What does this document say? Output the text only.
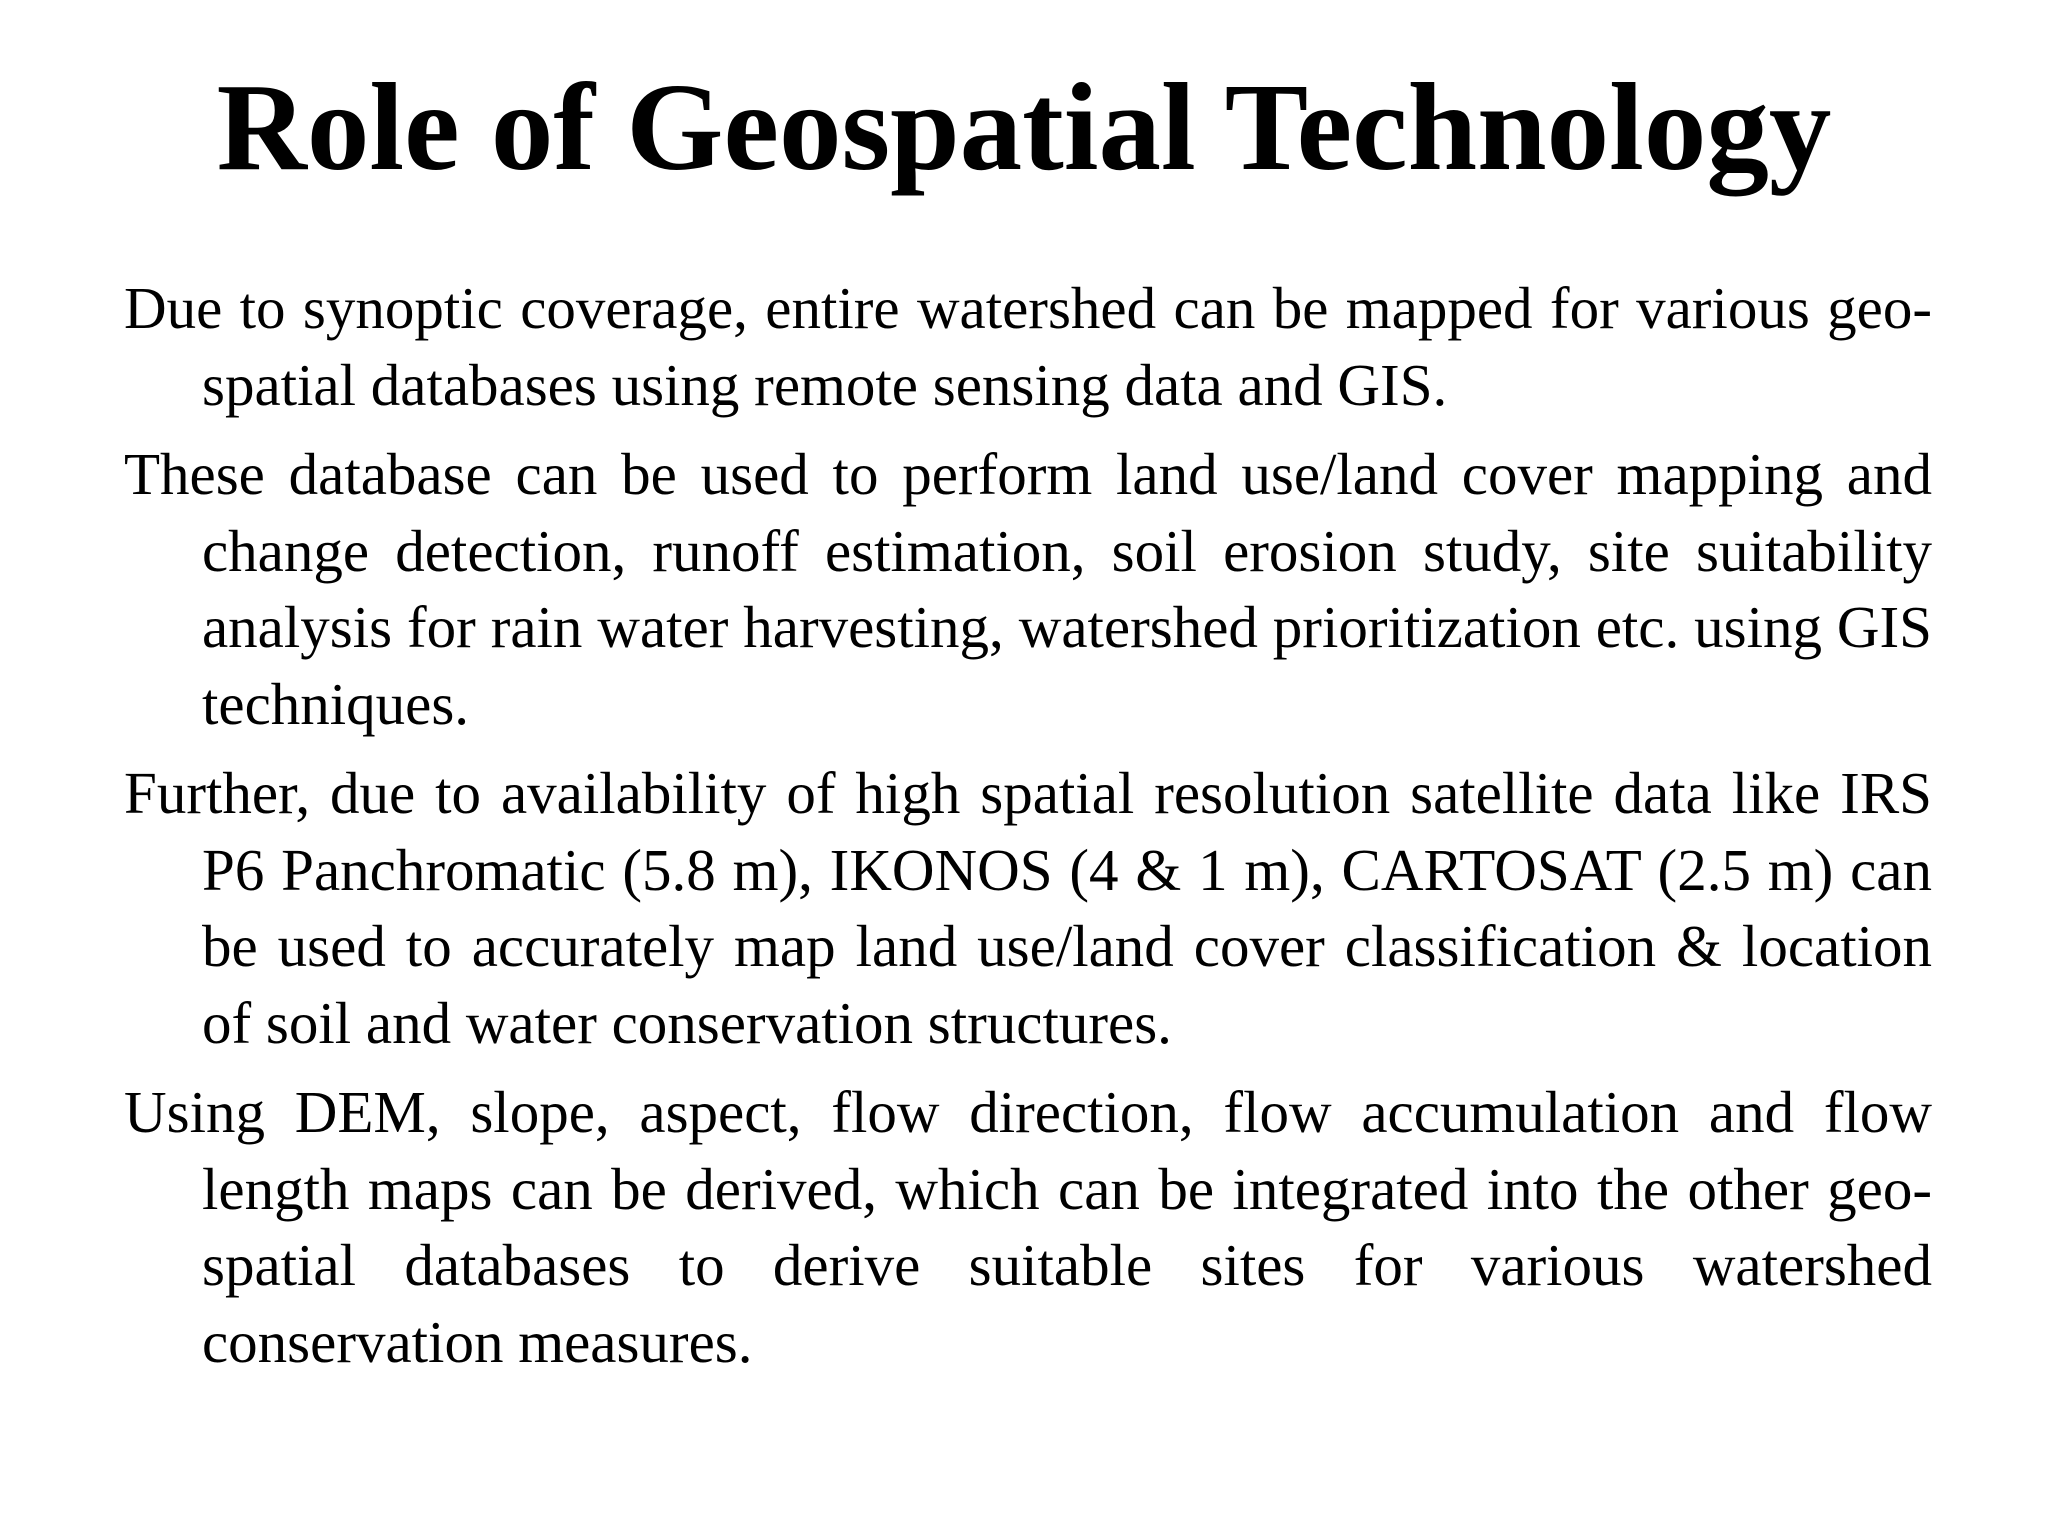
Role of Geospatial Technology

Due to synoptic coverage, entire watershed can be mapped for various geo-spatial databases using remote sensing data and GIS.

These database can be used to perform land use/land cover mapping and change detection, runoff estimation, soil erosion study, site suitability analysis for rain water harvesting, watershed prioritization etc. using GIS techniques.

Further, due to availability of high spatial resolution satellite data like IRS P6 Panchromatic (5.8 m), IKONOS (4 & 1 m), CARTOSAT (2.5 m) can be used to accurately map land use/land cover classification & location of soil and water conservation structures.

Using DEM, slope, aspect, flow direction, flow accumulation and flow length maps can be derived, which can be integrated into the other geo-spatial databases to derive suitable sites for various watershed conservation measures.
